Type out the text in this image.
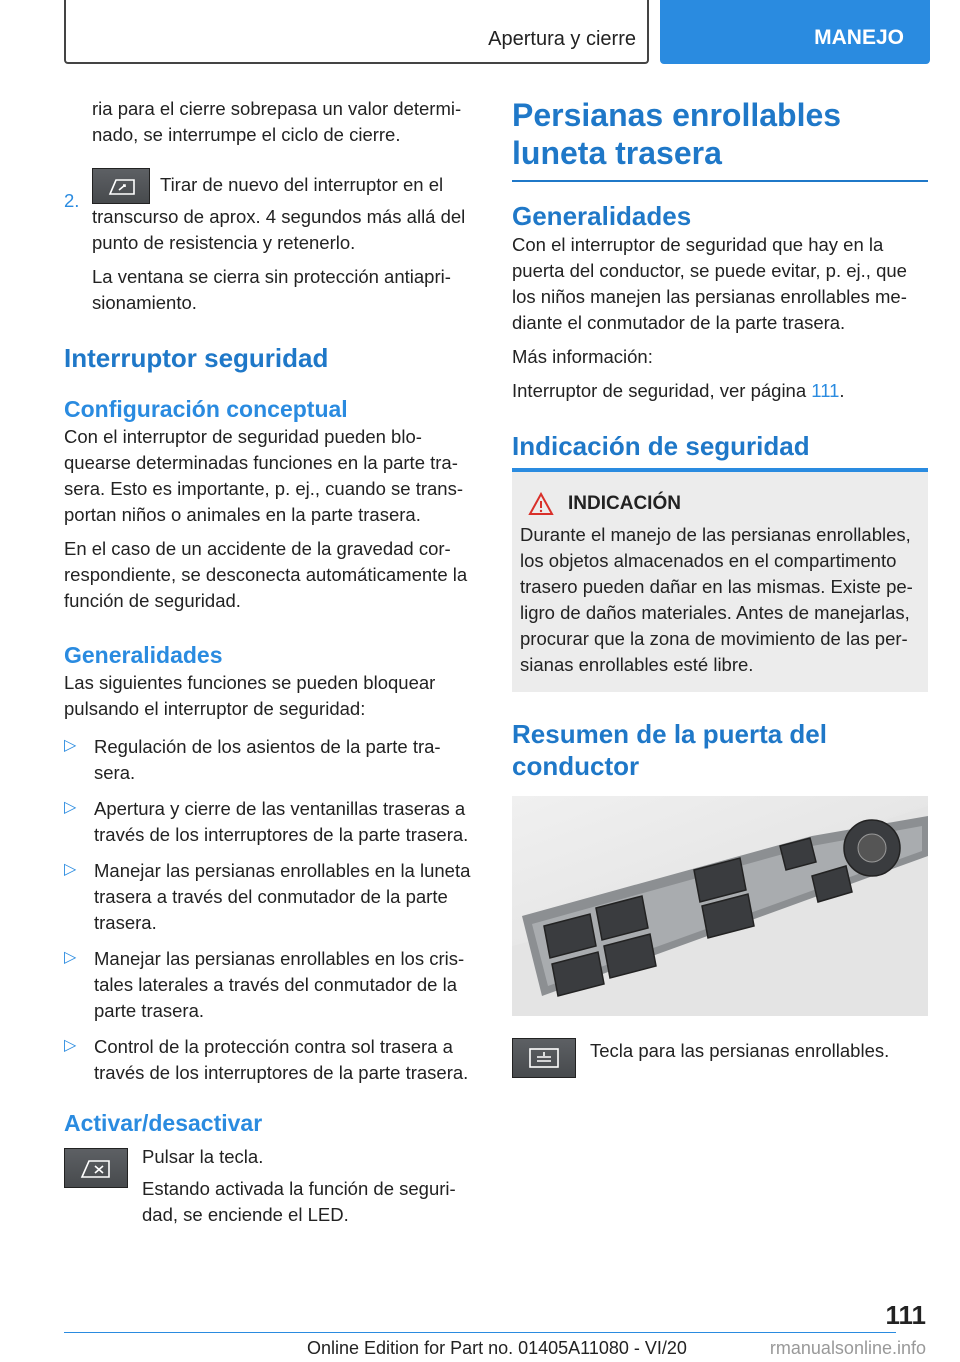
Apertura y cierre	MANEJO

ria para el cierre sobrepasa un valor determi‐nado, se interrumpe el ciclo de cierre.

2.

Tirar de nuevo del interruptor en el transcurso de aprox. 4 segundos más allá del punto de resistencia y retenerlo.

La ventana se cierra sin protección antiapri‐sionamiento.

Interruptor seguridad
Configuración conceptual

Con el interruptor de seguridad pueden blo‐quearse determinadas funciones en la parte tra‐sera. Esto es importante, p. ej., cuando se trans‐portan niños o animales en la parte trasera.

En el caso de un accidente de la gravedad cor‐respondiente, se desconecta automáticamente la función de seguridad.

Generalidades

Las siguientes funciones se pueden bloquear pulsando el interruptor de seguridad:

▷ Regulación de los asientos de la parte tra‐sera.

▷ Apertura y cierre de las ventanillas traseras a través de los interruptores de la parte trasera.

▷ Manejar las persianas enrollables en la luneta trasera a través del conmutador de la parte trasera.

▷ Manejar las persianas enrollables en los cris‐tales laterales a través del conmutador de la parte trasera.

▷ Control de la protección contra sol trasera a través de los interruptores de la parte trasera.

Activar/desactivar

Pulsar la tecla.

Estando activada la función de seguri‐dad, se enciende el LED.

Persianas enrollables luneta trasera
Generalidades

Con el interruptor de seguridad que hay en la puerta del conductor, se puede evitar, p. ej., que los niños manejen las persianas enrollables me‐diante el conmutador de la parte trasera.

Más información:

Interruptor de seguridad, ver página 111.

Indicación de seguridad
INDICACIÓN

Durante el manejo de las persianas enrollables, los objetos almacenados en el compartimento trasero pueden dañar en las mismas. Existe pe‐ligro de daños materiales. Antes de manejarlas, procurar que la zona de movimiento de las per‐sianas enrollables esté libre.

Resumen de la puerta del conductor

Tecla para las persianas enrollables.

111
Online Edition for Part no. 01405A11080 - VI/20	rmanualsonline.info
